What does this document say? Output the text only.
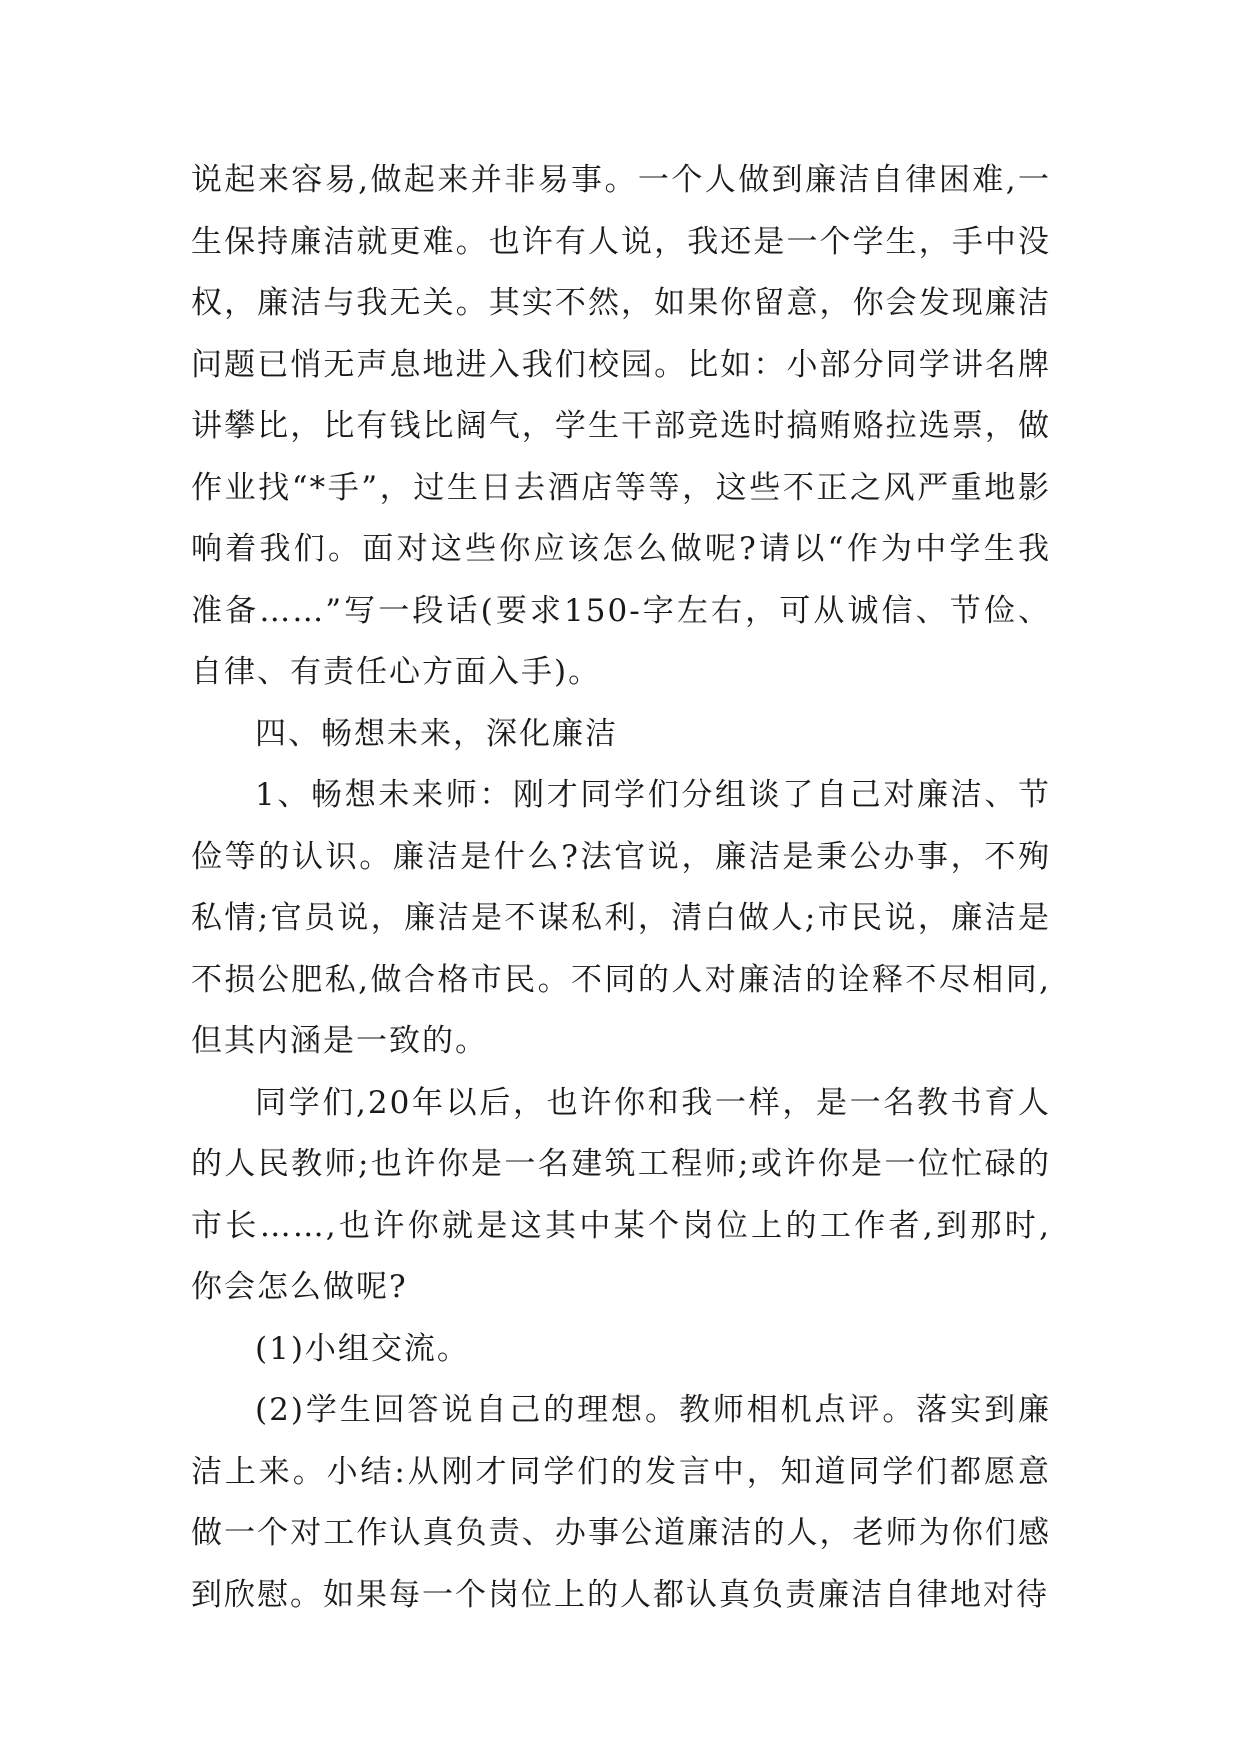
说起来容易,做起来并非易事。一个人做到廉洁自律困难,一生保持廉洁就更难。也许有人说，我还是一个学生，手中没权，廉洁与我无关。其实不然，如果你留意，你会发现廉洁问题已悄无声息地进入我们校园。比如：小部分同学讲名牌讲攀比，比有钱比阔气，学生干部竞选时搞贿赂拉选票，做作业找“*手”，过生日去酒店等等，这些不正之风严重地影响着我们。面对这些你应该怎么做呢?请以“作为中学生我准备……”写一段话(要求150-字左右，可从诚信、节俭、自律、有责任心方面入手)。

四、畅想未来，深化廉洁

1、畅想未来师：刚才同学们分组谈了自己对廉洁、节俭等的认识。廉洁是什么?法官说，廉洁是秉公办事，不殉私情;官员说，廉洁是不谋私利，清白做人;市民说，廉洁是不损公肥私,做合格市民。不同的人对廉洁的诠释不尽相同,但其内涵是一致的。

同学们,20年以后，也许你和我一样，是一名教书育人的人民教师;也许你是一名建筑工程师;或许你是一位忙碌的市长……,也许你就是这其中某个岗位上的工作者,到那时,你会怎么做呢?

(1)小组交流。

(2)学生回答说自己的理想。教师相机点评。落实到廉洁上来。小结:从刚才同学们的发言中，知道同学们都愿意做一个对工作认真负责、办事公道廉洁的人，老师为你们感到欣慰。如果每一个岗位上的人都认真负责廉洁自律地对待
